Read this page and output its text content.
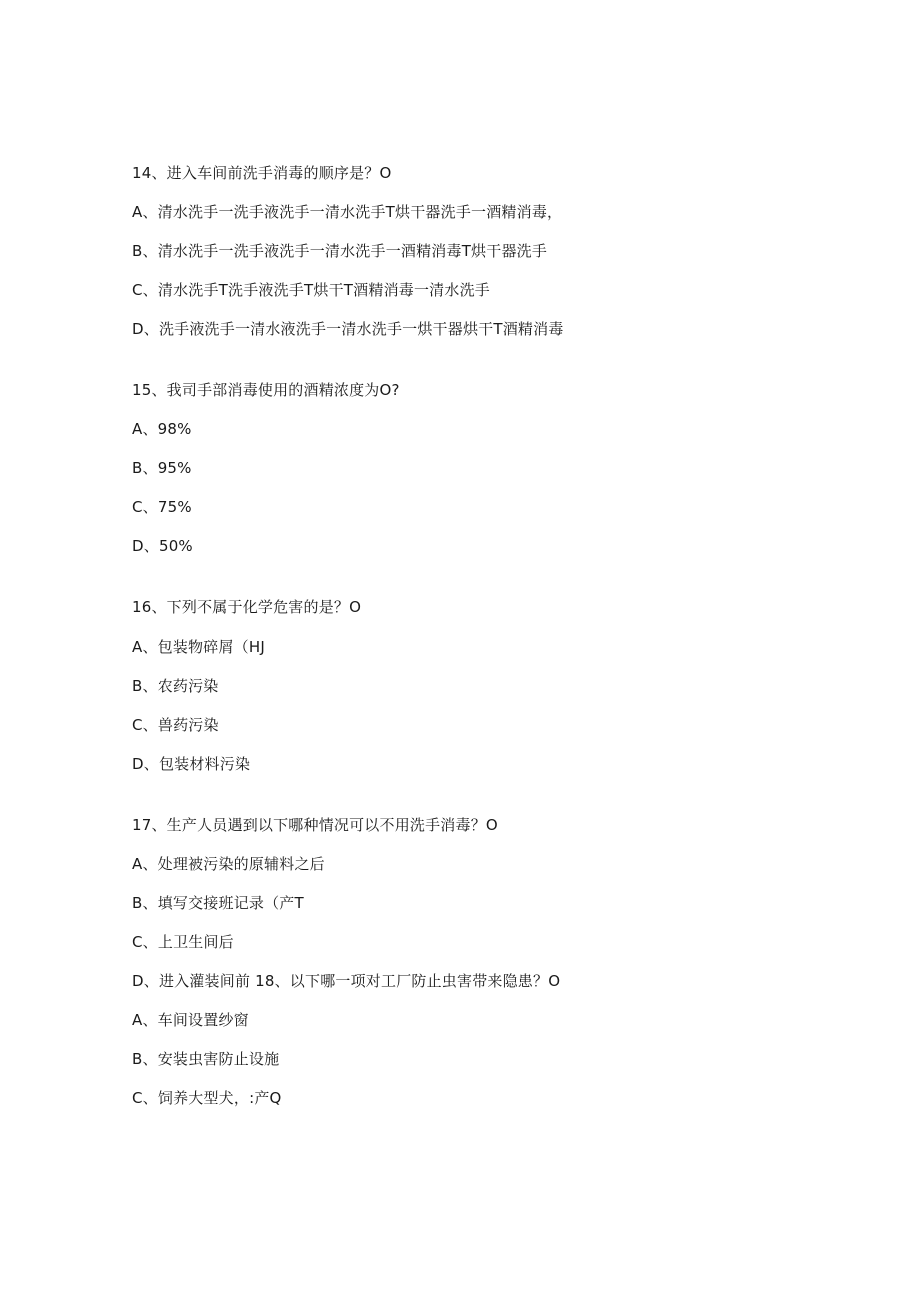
14、进入车间前洗手消毒的顺序是？O
A、清水洗手一洗手液洗手一清水洗手T烘干器洗手一酒精消毒，
B、清水洗手一洗手液洗手一清水洗手一酒精消毒T烘干器洗手
C、清水洗手T洗手液洗手T烘干T酒精消毒一清水洗手
D、洗手液洗手一清水液洗手一清水洗手一烘干器烘干T酒精消毒
15、我司手部消毒使用的酒精浓度为O?
A、98%
B、95%
C、75%
D、50%
16、下列不属于化学危害的是？O
A、包装物碎屑（HJ
B、农药污染
C、兽药污染
D、包装材料污染
17、生产人员遇到以下哪种情况可以不用洗手消毒？O
A、处理被污染的原辅料之后
B、填写交接班记录（产T
C、上卫生间后
D、进入灌装间前 18、以下哪一项对工厂防止虫害带来隐患？O
A、车间设置纱窗
B、安装虫害防止设施
C、饲养大型犬，:产Q
